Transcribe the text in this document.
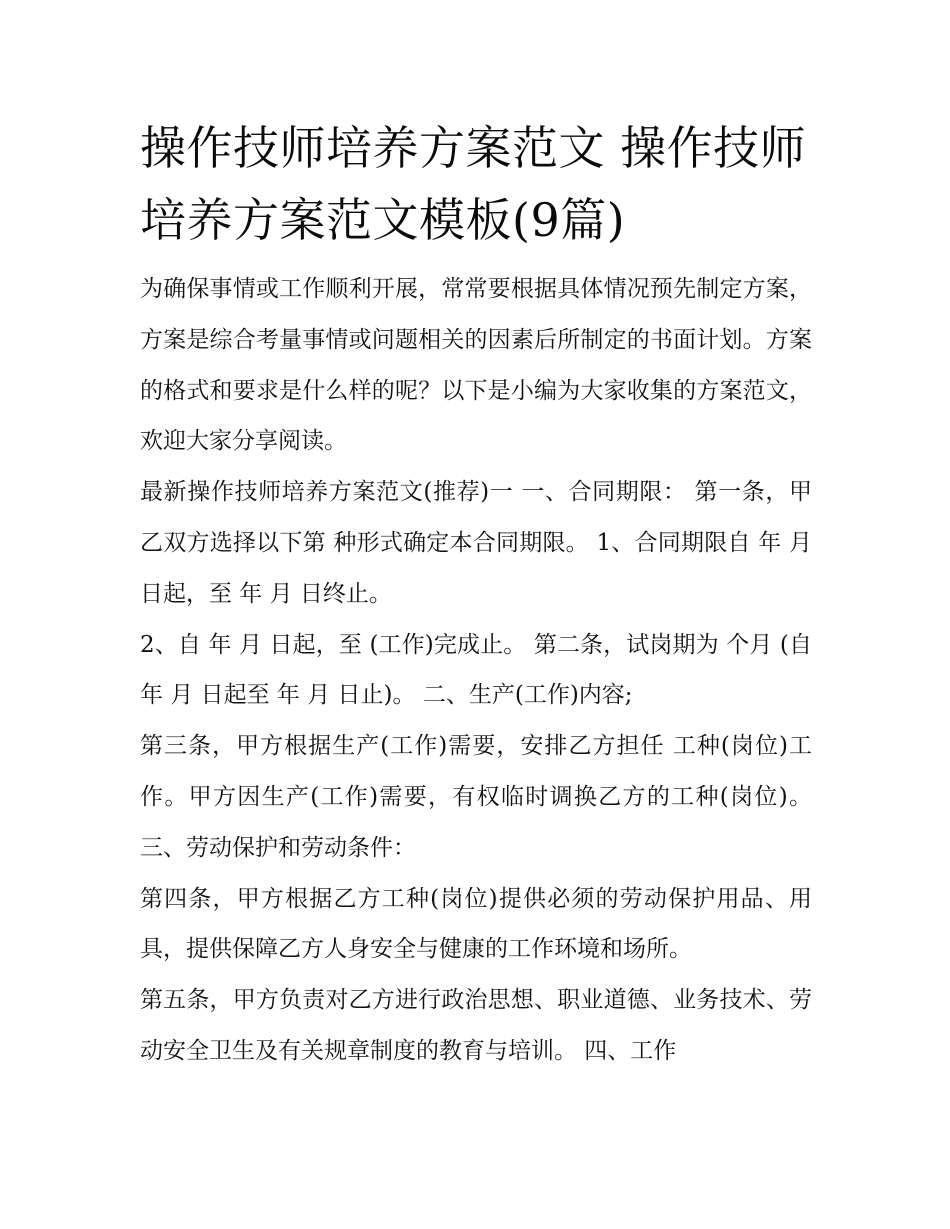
操作技师培养方案范文 操作技师培养方案范文模板(9篇)

为确保事情或工作顺利开展，常常要根据具体情况预先制定方案，方案是综合考量事情或问题相关的因素后所制定的书面计划。方案的格式和要求是什么样的呢？以下是小编为大家收集的方案范文，欢迎大家分享阅读。

最新操作技师培养方案范文(推荐)一 一、合同期限： 第一条，甲乙双方选择以下第 种形式确定本合同期限。 1、合同期限自 年 月 日起，至 年 月 日终止。

2、自 年 月 日起，至 (工作)完成止。 第二条，试岗期为 个月 (自 年 月 日起至 年 月 日止)。 二、生产(工作)内容;

第三条，甲方根据生产(工作)需要，安排乙方担任 工种(岗位)工作。甲方因生产(工作)需要，有权临时调换乙方的工种(岗位)。 三、劳动保护和劳动条件：

第四条，甲方根据乙方工种(岗位)提供必须的劳动保护用品、用具，提供保障乙方人身安全与健康的工作环境和场所。

第五条，甲方负责对乙方进行政治思想、职业道德、业务技术、劳动安全卫生及有关规章制度的教育与培训。 四、工作
